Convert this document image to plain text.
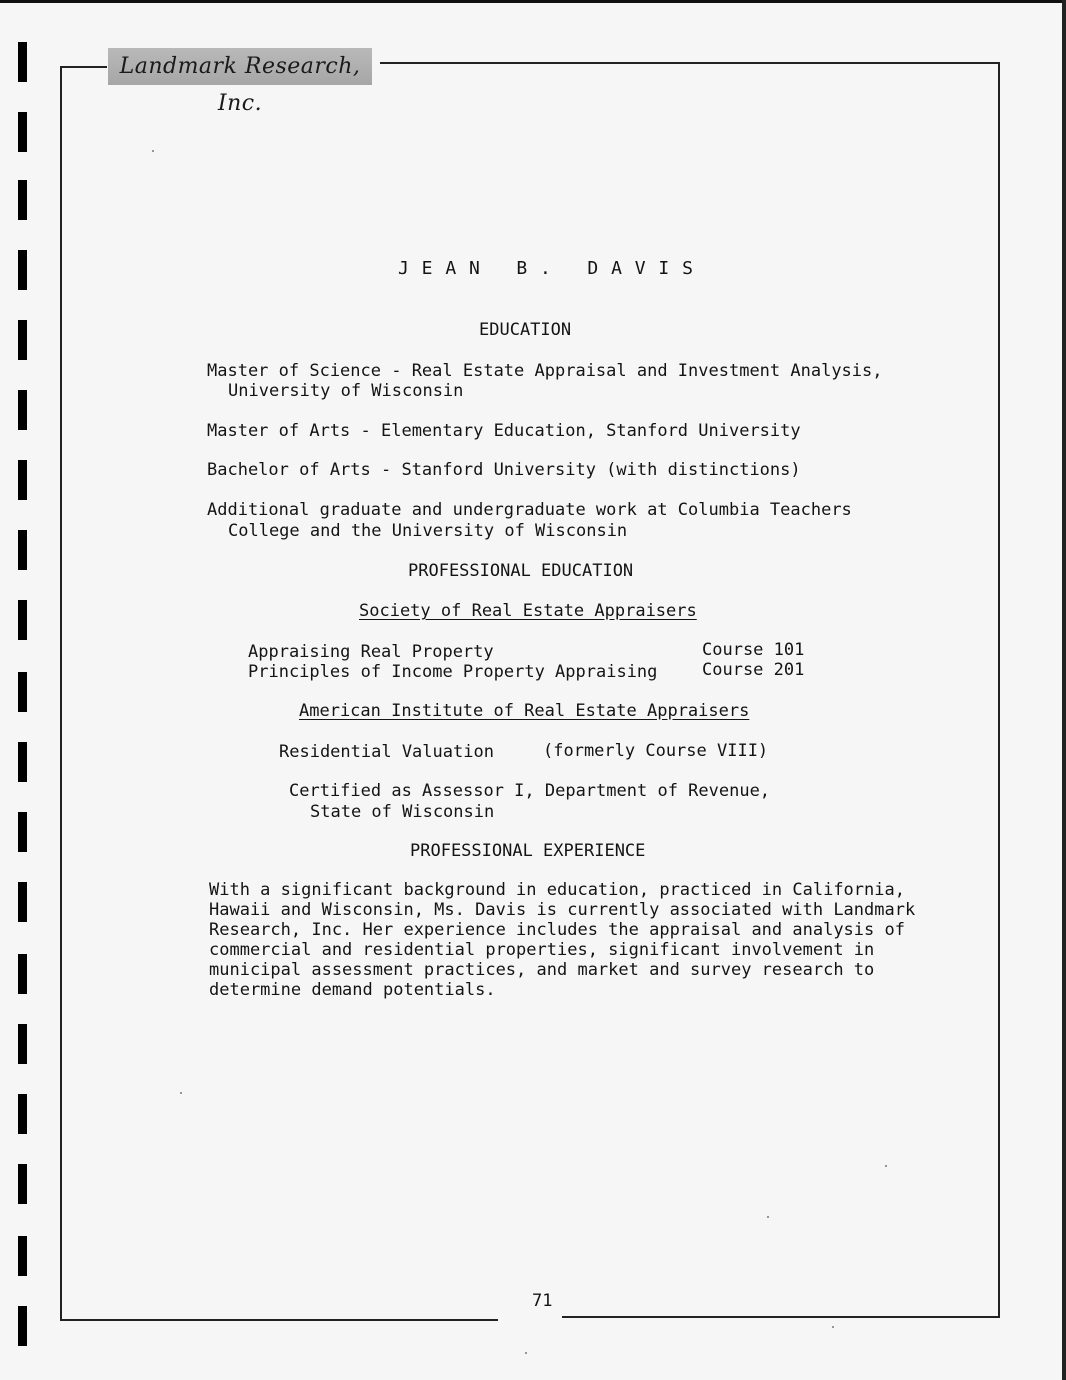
Landmark Research, Inc.
J E A N   B .   D A V I S
EDUCATION
Master of Science - Real Estate Appraisal and Investment Analysis,
University of Wisconsin
Master of Arts - Elementary Education, Stanford University
Bachelor of Arts - Stanford University (with distinctions)
Additional graduate and undergraduate work at Columbia Teachers
College and the University of Wisconsin
PROFESSIONAL EDUCATION
Society of Real Estate Appraisers
Appraising Real Property	Course 101
Principles of Income Property Appraising	Course 201
American Institute of Real Estate Appraisers
Residential Valuation	(formerly Course VIII)
Certified as Assessor I, Department of Revenue,
State of Wisconsin
PROFESSIONAL EXPERIENCE
With a significant background in education, practiced in California,
Hawaii and Wisconsin, Ms. Davis is currently associated with Landmark
Research, Inc. Her experience includes the appraisal and analysis of
commercial and residential properties, significant involvement in
municipal assessment practices, and market and survey research to
determine demand potentials.
71
